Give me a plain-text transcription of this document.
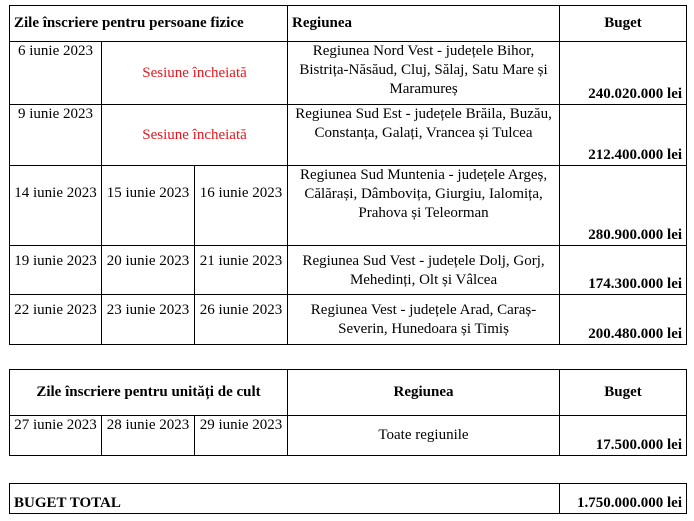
Zile înscriere pentru persoane fizice			Regiunea	Buget
6 iunie 2023	Sesiune încheiată		Regiunea Nord Vest - județele Bihor, Bistrița-Năsăud, Cluj, Sălaj, Satu Mare și Maramureș	240.020.000 lei
9 iunie 2023	Sesiune încheiată		Regiunea Sud Est - județele Brăila, Buzău, Constanța, Galați, Vrancea și Tulcea	212.400.000 lei
14 iunie 2023	15 iunie 2023	16 iunie 2023	Regiunea Sud Muntenia - județele Argeș, Călărași, Dâmbovița, Giurgiu, Ialomița, Prahova și Teleorman	280.900.000 lei
19 iunie 2023	20 iunie 2023	21 iunie 2023	Regiunea Sud Vest - județele Dolj, Gorj, Mehedinți, Olt și Vâlcea	174.300.000 lei
22 iunie 2023	23 iunie 2023	26 iunie 2023	Regiunea Vest - județele Arad, Caraș-Severin, Hunedoara și Timiș	200.480.000 lei
Zile înscriere pentru unități de cult			Regiunea	Buget
27 iunie 2023	28 iunie 2023	29 iunie 2023	Toate regiunile	17.500.000 lei
BUGET TOTAL	1.750.000.000 lei
